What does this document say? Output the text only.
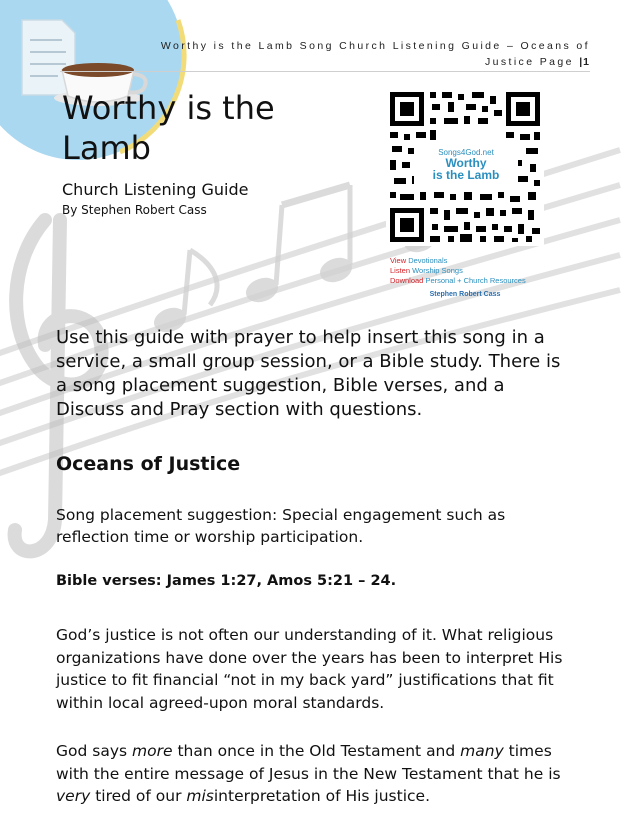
Worthy is the Lamb Song Church Listening Guide – Oceans of
Justice Page |1
Worthy is the
Lamb
Church Listening Guide
By Stephen Robert Cass
Songs4God.net
Worthy
is the Lamb
View Devotionals
Listen Worship Songs
Download Personal + Church Resources
Stephen Robert Cass
Use this guide with prayer to help insert this song in a service, a small group session, or a Bible study. There is a song placement suggestion, Bible verses, and a Discuss and Pray section with questions.
Oceans of Justice
Song placement suggestion: Special engagement such as reflection time or worship participation.
Bible verses: James 1:27, Amos 5:21 – 24.
God’s justice is not often our understanding of it. What religious organizations have done over the years has been to interpret His justice to fit financial “not in my back yard” justifications that fit within local agreed-upon moral standards.
God says more than once in the Old Testament and many times with the entire message of Jesus in the New Testament that he is very tired of our misinterpretation of His justice.
